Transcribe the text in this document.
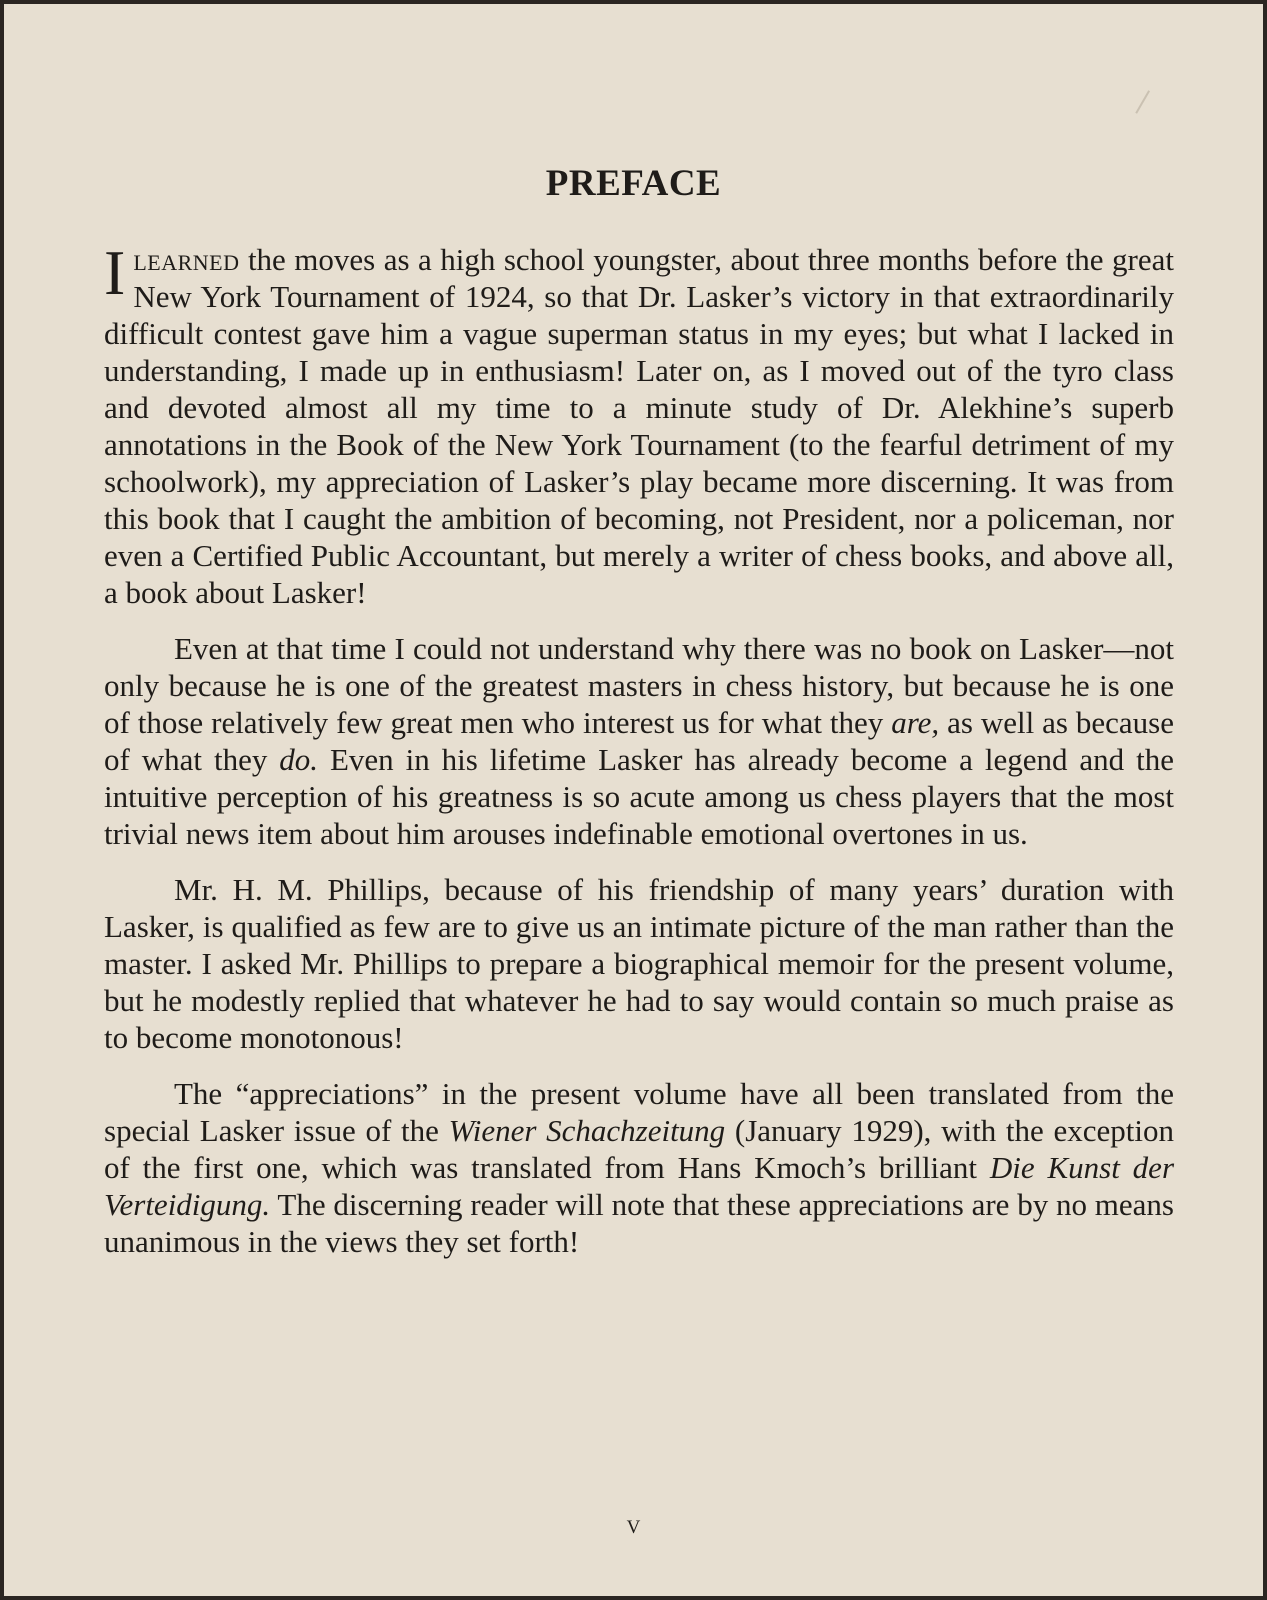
PREFACE

Ilearned the moves as a high school youngster, about three months before the great New York Tournament of 1924, so that Dr. Lasker’s victory in that extraordinarily difficult contest gave him a vague superman status in my eyes; but what I lacked in understanding, I made up in enthusiasm! Later on, as I moved out of the tyro class and devoted almost all my time to a minute study of Dr. Alekhine’s superb annotations in the Book of the New York Tournament (to the fearful detriment of my schoolwork), my appreciation of Lasker’s play became more discerning. It was from this book that I caught the ambition of becoming, not President, nor a policeman, nor even a Certified Public Accountant, but merely a writer of chess books, and above all, a book about Lasker!

Even at that time I could not understand why there was no book on Lasker—not only because he is one of the greatest masters in chess history, but because he is one of those relatively few great men who interest us for what they are, as well as because of what they do. Even in his lifetime Lasker has already become a legend and the intuitive perception of his greatness is so acute among us chess players that the most trivial news item about him arouses indefinable emotional overtones in us.

Mr. H. M. Phillips, because of his friendship of many years’ duration with Lasker, is qualified as few are to give us an intimate picture of the man rather than the master. I asked Mr. Phillips to prepare a biographical memoir for the present volume, but he modestly replied that whatever he had to say would contain so much praise as to become monotonous!

The “appreciations” in the present volume have all been translated from the special Lasker issue of the Wiener Schachzeitung (January 1929), with the exception of the first one, which was translated from Hans Kmoch’s brilliant Die Kunst der Verteidigung. The discerning reader will note that these appreciations are by no means unanimous in the views they set forth!

v
